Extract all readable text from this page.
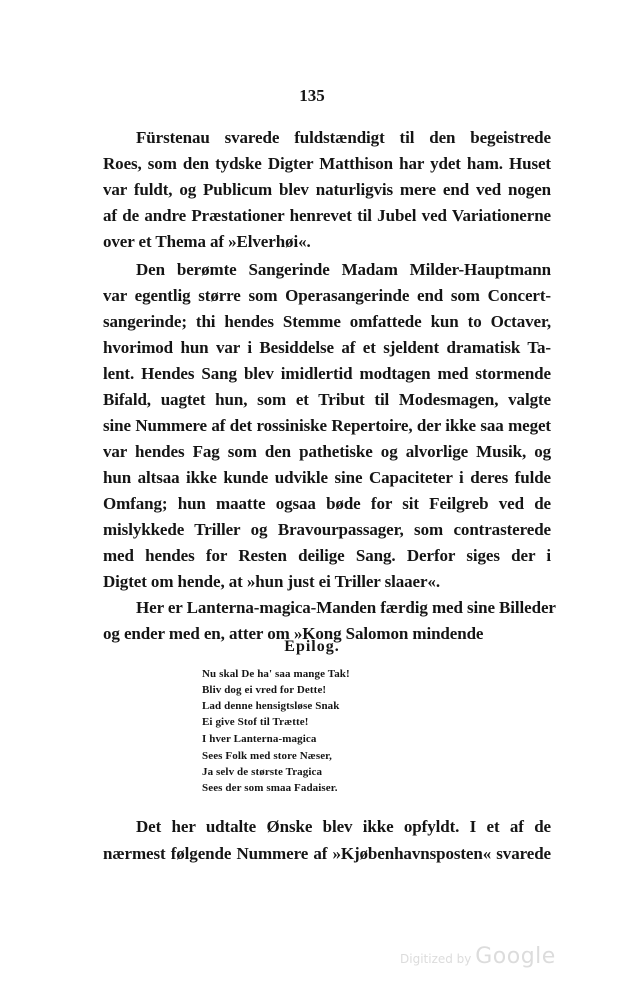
135
Fürstenau svarede fuldstændigt til den begeistrede
Roes, som den tydske Digter Matthison har ydet ham. Huset
var fuldt, og Publicum blev naturligvis mere end ved nogen
af de andre Præstationer henrevet til Jubel ved Variationerne
over et Thema af »Elverhøi«.
Den berømte Sangerinde Madam Milder-Hauptmann
var egentlig større som Operasangerinde end som Concert-
sangerinde; thi hendes Stemme omfattede kun to Octaver,
hvorimod hun var i Besiddelse af et sjeldent dramatisk Ta-
lent. Hendes Sang blev imidlertid modtagen med stormende
Bifald, uagtet hun, som et Tribut til Modesmagen, valgte
sine Nummere af det rossiniske Repertoire, der ikke saa meget
var hendes Fag som den pathetiske og alvorlige Musik, og
hun altsaa ikke kunde udvikle sine Capaciteter i deres fulde
Omfang; hun maatte ogsaa bøde for sit Feilgreb ved de
mislykkede Triller og Bravourpassager, som contrasterede
med hendes for Resten deilige Sang. Derfor siges der i
Digtet om hende, at »hun just ei Triller slaaer«.
Her er Lanterna-magica-Manden færdig med sine Billeder
og ender med en, atter om »Kong Salomon mindende
Epilog.
Nu skal De ha' saa mange Tak!
Bliv dog ei vred for Dette!
Lad denne hensigtsløse Snak
Ei give Stof til Trætte!
I hver Lanterna-magica
Sees Folk med store Næser,
Ja selv de største Tragica
Sees der som smaa Fadaiser.
Det her udtalte Ønske blev ikke opfyldt. I et af de
nærmest følgende Nummere af »Kjøbenhavnsposten« svarede
Digitized by Google
